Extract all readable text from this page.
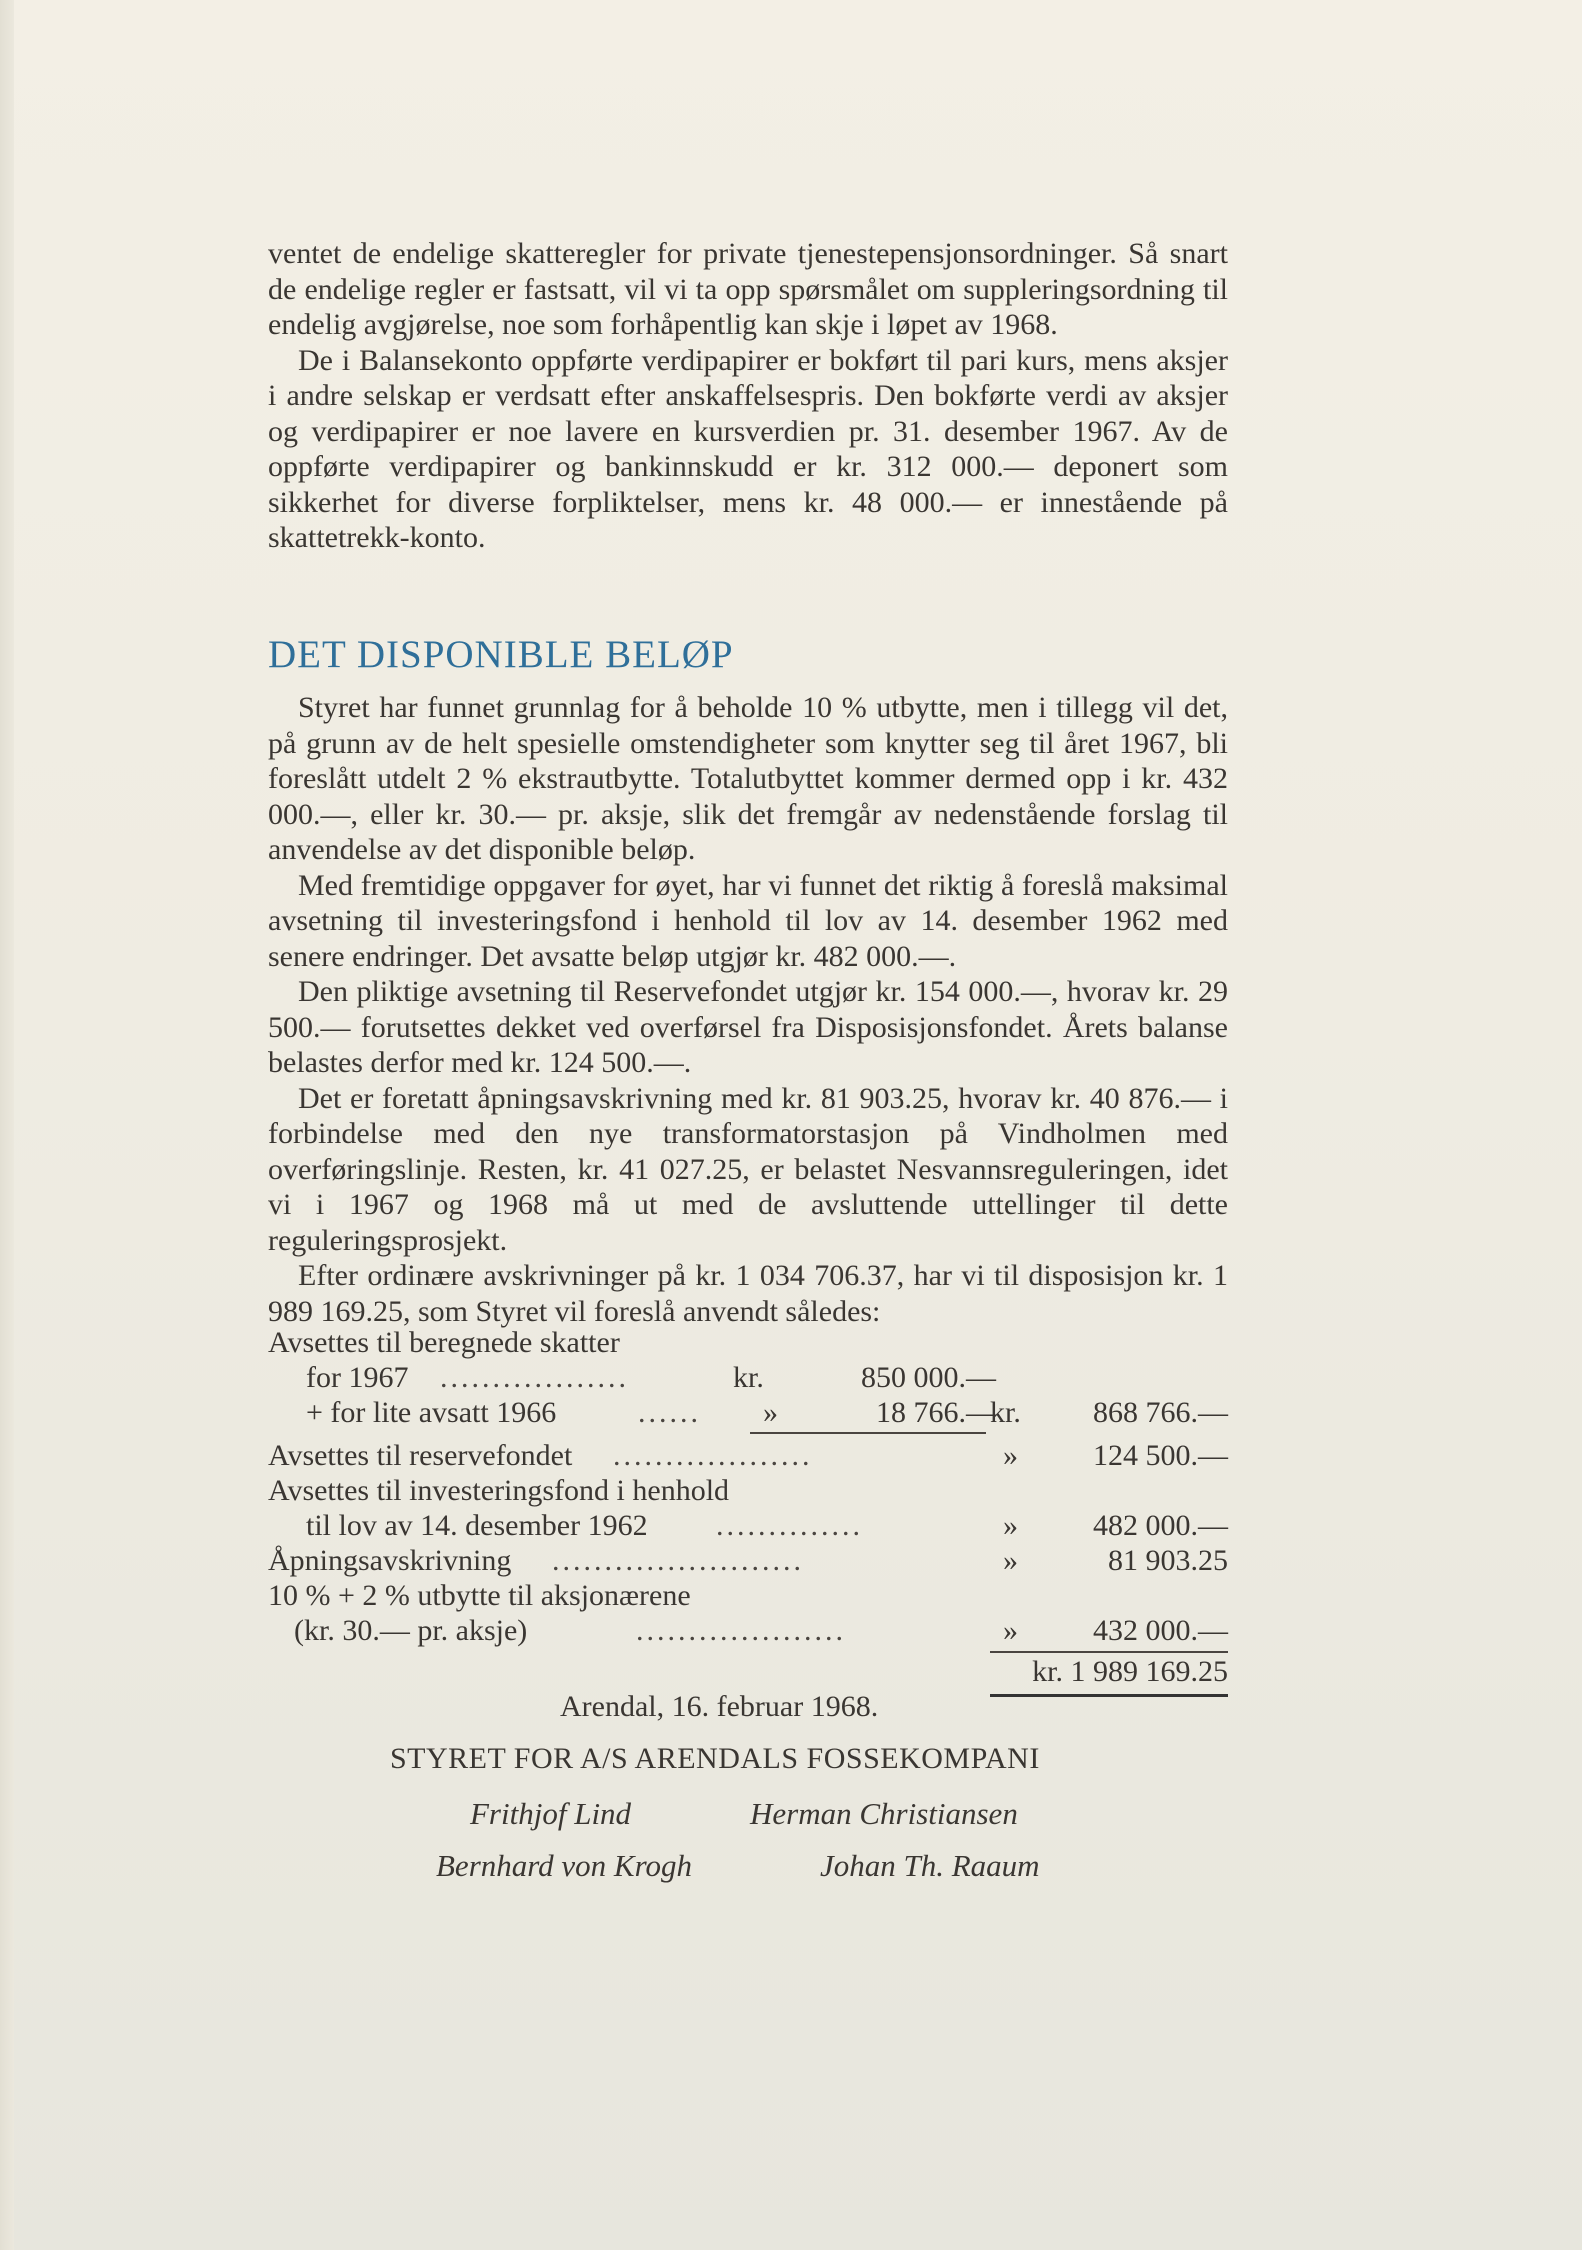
ventet de endelige skatteregler for private tjenestepensjonsordninger. Så snart de endelige regler er fastsatt, vil vi ta opp spørsmålet om suppleringsordning til endelig avgjørelse, noe som forhåpentlig kan skje i løpet av 1968.

De i Balansekonto oppførte verdipapirer er bokført til pari kurs, mens aksjer i andre selskap er verdsatt efter anskaffelsespris. Den bokførte verdi av aksjer og verdipapirer er noe lavere en kursverdien pr. 31. desember 1967. Av de oppførte verdipapirer og bankinnskudd er kr. 312 000.— deponert som sikkerhet for diverse forpliktelser, mens kr. 48 000.— er innestående på skattetrekk-konto.

DET DISPONIBLE BELØP

Styret har funnet grunnlag for å beholde 10 % utbytte, men i tillegg vil det, på grunn av de helt spesielle omstendigheter som knytter seg til året 1967, bli foreslått utdelt 2 % ekstrautbytte. Totalutbyttet kommer dermed opp i kr. 432 000.—, eller kr. 30.— pr. aksje, slik det fremgår av nedenstående forslag til anvendelse av det disponible beløp.

Med fremtidige oppgaver for øyet, har vi funnet det riktig å foreslå maksimal avsetning til investeringsfond i henhold til lov av 14. desember 1962 med senere endringer. Det avsatte beløp utgjør kr. 482 000.—.

Den pliktige avsetning til Reservefondet utgjør kr. 154 000.—, hvorav kr. 29 500.— forutsettes dekket ved overførsel fra Disposisjonsfondet. Årets balanse belastes derfor med kr. 124 500.—.

Det er foretatt åpningsavskrivning med kr. 81 903.25, hvorav kr. 40 876.— i forbindelse med den nye transformatorstasjon på Vindholmen med overføringslinje. Resten, kr. 41 027.25, er belastet Nesvannsreguleringen, idet vi i 1967 og 1968 må ut med de avsluttende uttellinger til dette reguleringsprosjekt.

Efter ordinære avskrivninger på kr. 1 034 706.37, har vi til disposisjon kr. 1 989 169.25, som Styret vil foreslå anvendt således:

Avsettes til beregnede skatter
for 1967 ..................	kr.	850 000.—
+ for lite avsatt 1966	...... »	18 766.—
kr. 868 766.—
Avsettes til reservefondet ...................	»	124 500.—
Avsettes til investeringsfond i henhold
til lov av 14. desember 1962 ..............	»	482 000.—
Åpningsavskrivning ........................	»	81 903.25
10 % + 2 % utbytte til aksjonærene
(kr. 30.— pr. aksje)	....................	»	432 000.—
kr. 1 989 169.25
Arendal, 16. februar 1968.
STYRET FOR A/S ARENDALS FOSSEKOMPANI
Frithjof Lind	Herman Christiansen
Bernhard von Krogh	Johan Th. Raaum
